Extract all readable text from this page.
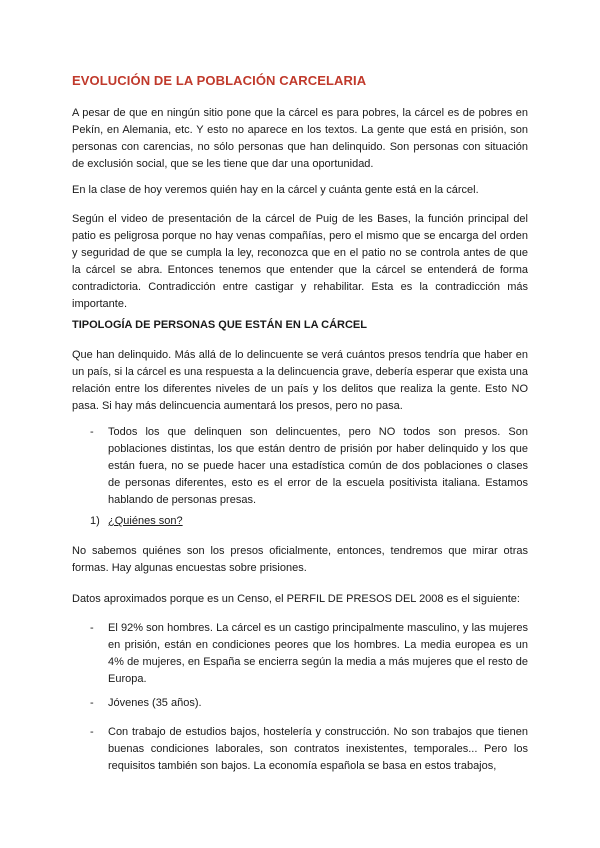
EVOLUCIÓN DE LA POBLACIÓN CARCELARIA

A pesar de que en ningún sitio pone que la cárcel es para pobres, la cárcel es de pobres en Pekín, en Alemania, etc. Y esto no aparece en los textos. La gente que está en prisión, son personas con carencias, no sólo personas que han delinquido. Son personas con situación de exclusión social, que se les tiene que dar una oportunidad.

En la clase de hoy veremos quién hay en la cárcel y cuánta gente está en la cárcel.

Según el video de presentación de la cárcel de Puig de les Bases, la función principal del patio es peligrosa porque no hay venas compañías, pero el mismo que se encarga del orden y seguridad de que se cumpla la ley, reconozca que en el patio no se controla antes de que la cárcel se abra. Entonces tenemos que entender que la cárcel se entenderá de forma contradictoria. Contradicción entre castigar y rehabilitar. Esta es la contradicción más importante.

TIPOLOGÍA DE PERSONAS QUE ESTÁN EN LA CÁRCEL

Que han delinquido. Más allá de lo delincuente se verá cuántos presos tendría que haber en un país, si la cárcel es una respuesta a la delincuencia grave, debería esperar que exista una relación entre los diferentes niveles de un país y los delitos que realiza la gente. Esto NO pasa. Si hay más delincuencia aumentará los presos, pero no pasa.

- Todos los que delinquen son delincuentes, pero NO todos son presos. Son poblaciones distintas, los que están dentro de prisión por haber delinquido y los que están fuera, no se puede hacer una estadística común de dos poblaciones o clases de personas diferentes, esto es el error de la escuela positivista italiana. Estamos hablando de personas presas.

1) ¿Quiénes son?

No sabemos quiénes son los presos oficialmente, entonces, tendremos que mirar otras formas. Hay algunas encuestas sobre prisiones.

Datos aproximados porque es un Censo, el PERFIL DE PRESOS DEL 2008 es el siguiente:

- El 92% son hombres. La cárcel es un castigo principalmente masculino, y las mujeres en prisión, están en condiciones peores que los hombres. La media europea es un 4% de mujeres, en España se encierra según la media a más mujeres que el resto de Europa.

- Jóvenes (35 años).

- Con trabajo de estudios bajos, hostelería y construcción. No son trabajos que tienen buenas condiciones laborales, son contratos inexistentes, temporales... Pero los requisitos también son bajos. La economía española se basa en estos trabajos,
